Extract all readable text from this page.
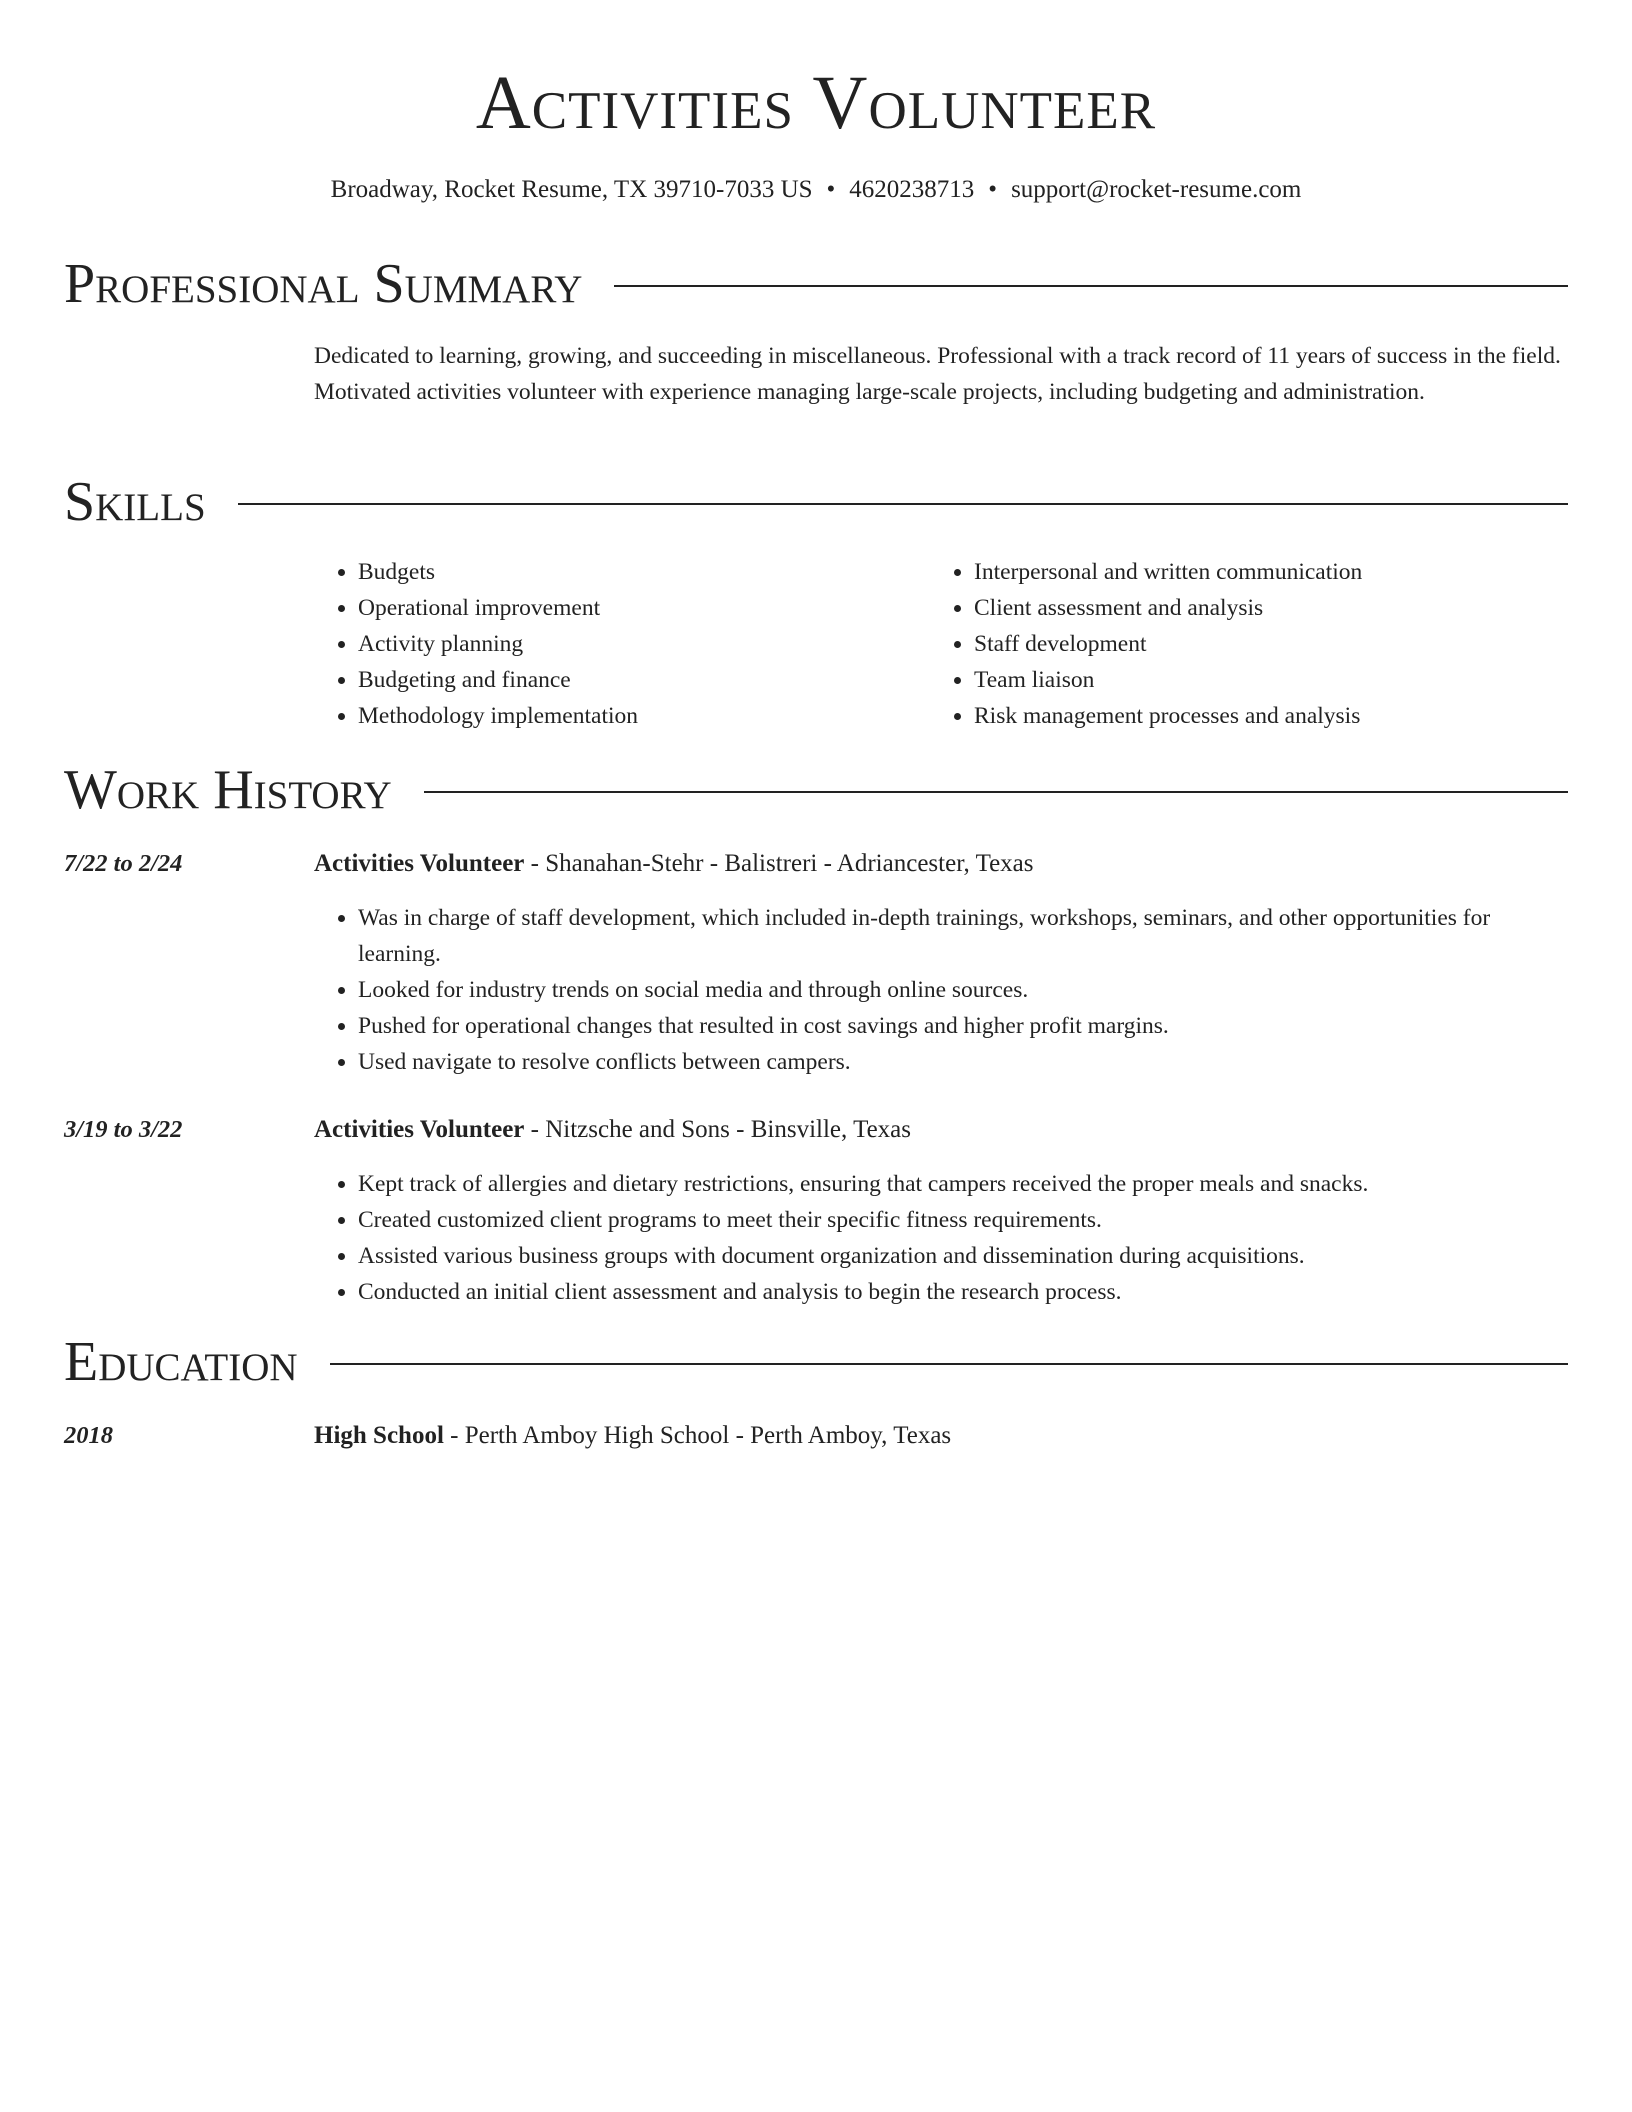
Activities Volunteer
Broadway, Rocket Resume, TX 39710-7033 US • 4620238713 • support@rocket-resume.com
Professional Summary

Dedicated to learning, growing, and succeeding in miscellaneous. Professional with a track record of 11 years of success in the field. Motivated activities volunteer with experience managing large-scale projects, including budgeting and administration.

Skills
• Budgets
• Operational improvement
• Activity planning
• Budgeting and finance
• Methodology implementation
• Interpersonal and written communication
• Client assessment and analysis
• Staff development
• Team liaison
• Risk management processes and analysis
Work History
7/22 to 2/24	Activities Volunteer - Shanahan-Stehr - Balistreri - Adriancester, Texas

• Was in charge of staff development, which included in-depth trainings, workshops, seminars, and other opportunities for learning.
• Looked for industry trends on social media and through online sources.
• Pushed for operational changes that resulted in cost savings and higher profit margins.
• Used navigate to resolve conflicts between campers.
3/19 to 3/22	Activities Volunteer - Nitzsche and Sons - Binsville, Texas

• Kept track of allergies and dietary restrictions, ensuring that campers received the proper meals and snacks.
• Created customized client programs to meet their specific fitness requirements.
• Assisted various business groups with document organization and dissemination during acquisitions.
• Conducted an initial client assessment and analysis to begin the research process.
Education
2018	High School - Perth Amboy High School - Perth Amboy, Texas
